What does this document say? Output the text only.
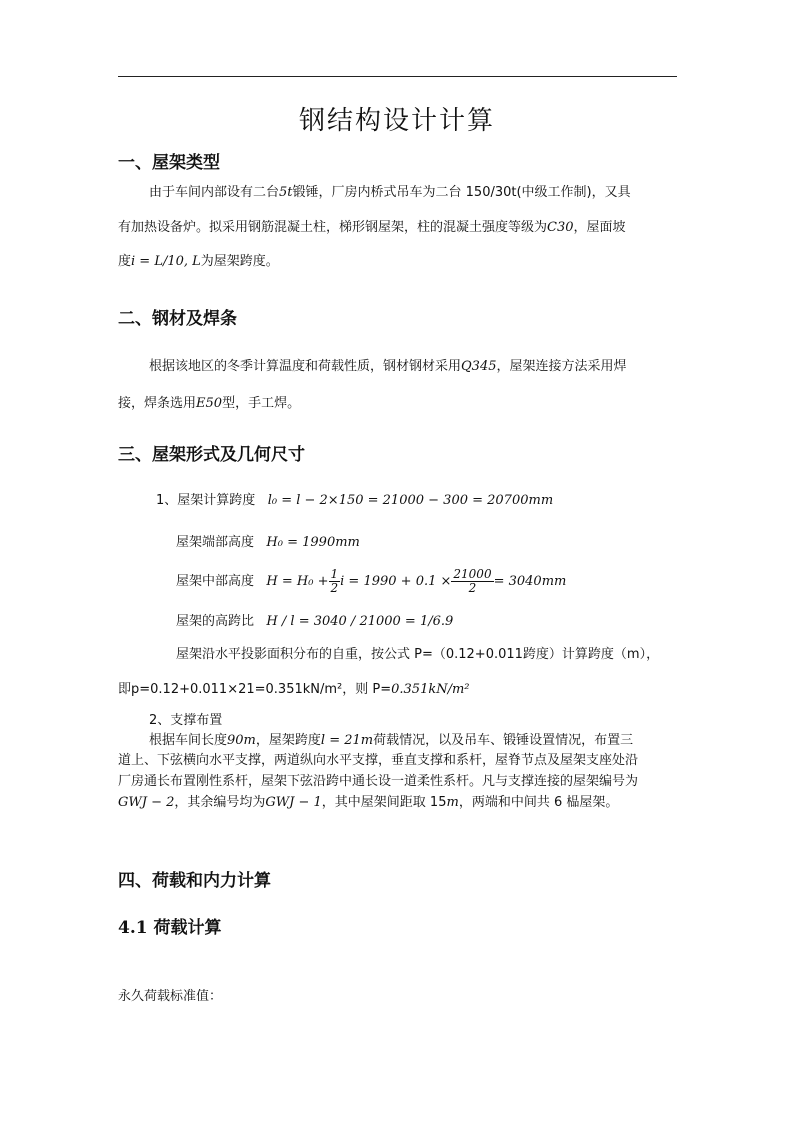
钢结构设计计算
一、屋架类型
由于车间内部设有二台5t锻锤，厂房内桥式吊车为二台 150/30t(中级工作制)，又具
有加热设备炉。拟采用钢筋混凝土柱，梯形钢屋架，柱的混凝土强度等级为C30，屋面坡
度i = L/10, L为屋架跨度。
二、钢材及焊条
根据该地区的冬季计算温度和荷载性质，钢材钢材采用Q345，屋架连接方法采用焊
接，焊条选用E50型，手工焊。
三、屋架形式及几何尺寸
1、屋架计算跨度 l₀ = l − 2×150 = 21000 − 300 = 20700mm
屋架端部高度 H₀ = 1990mm
屋架中部高度 $H = H_0 + \frac{1}{2}$ $i = 1990 + 0.1 \times \frac{21000}{2} = 3040mm$
屋架的高跨比 H / l = 3040 / 21000 = 1/6.9
屋架沿水平投影面积分布的自重，按公式 P=（0.12+0.011跨度）计算跨度（m），
即p=0.12+0.011×21=0.351kN/m²，则 P=0.351kN/m²
2、支撑布置
根据车间长度90m，屋架跨度l = 21m荷载情况，以及吊车、锻锤设置情况，布置三
道上、下弦横向水平支撑，两道纵向水平支撑，垂直支撑和系杆，屋脊节点及屋架支座处沿
厂房通长布置刚性系杆，屋架下弦沿跨中通长设一道柔性系杆。凡与支撑连接的屋架编号为
GWJ − 2，其余编号均为GWJ − 1，其中屋架间距取 15m，两端和中间共 6 榀屋架。
四、荷载和内力计算
4.1 荷载计算
永久荷载标准值：
